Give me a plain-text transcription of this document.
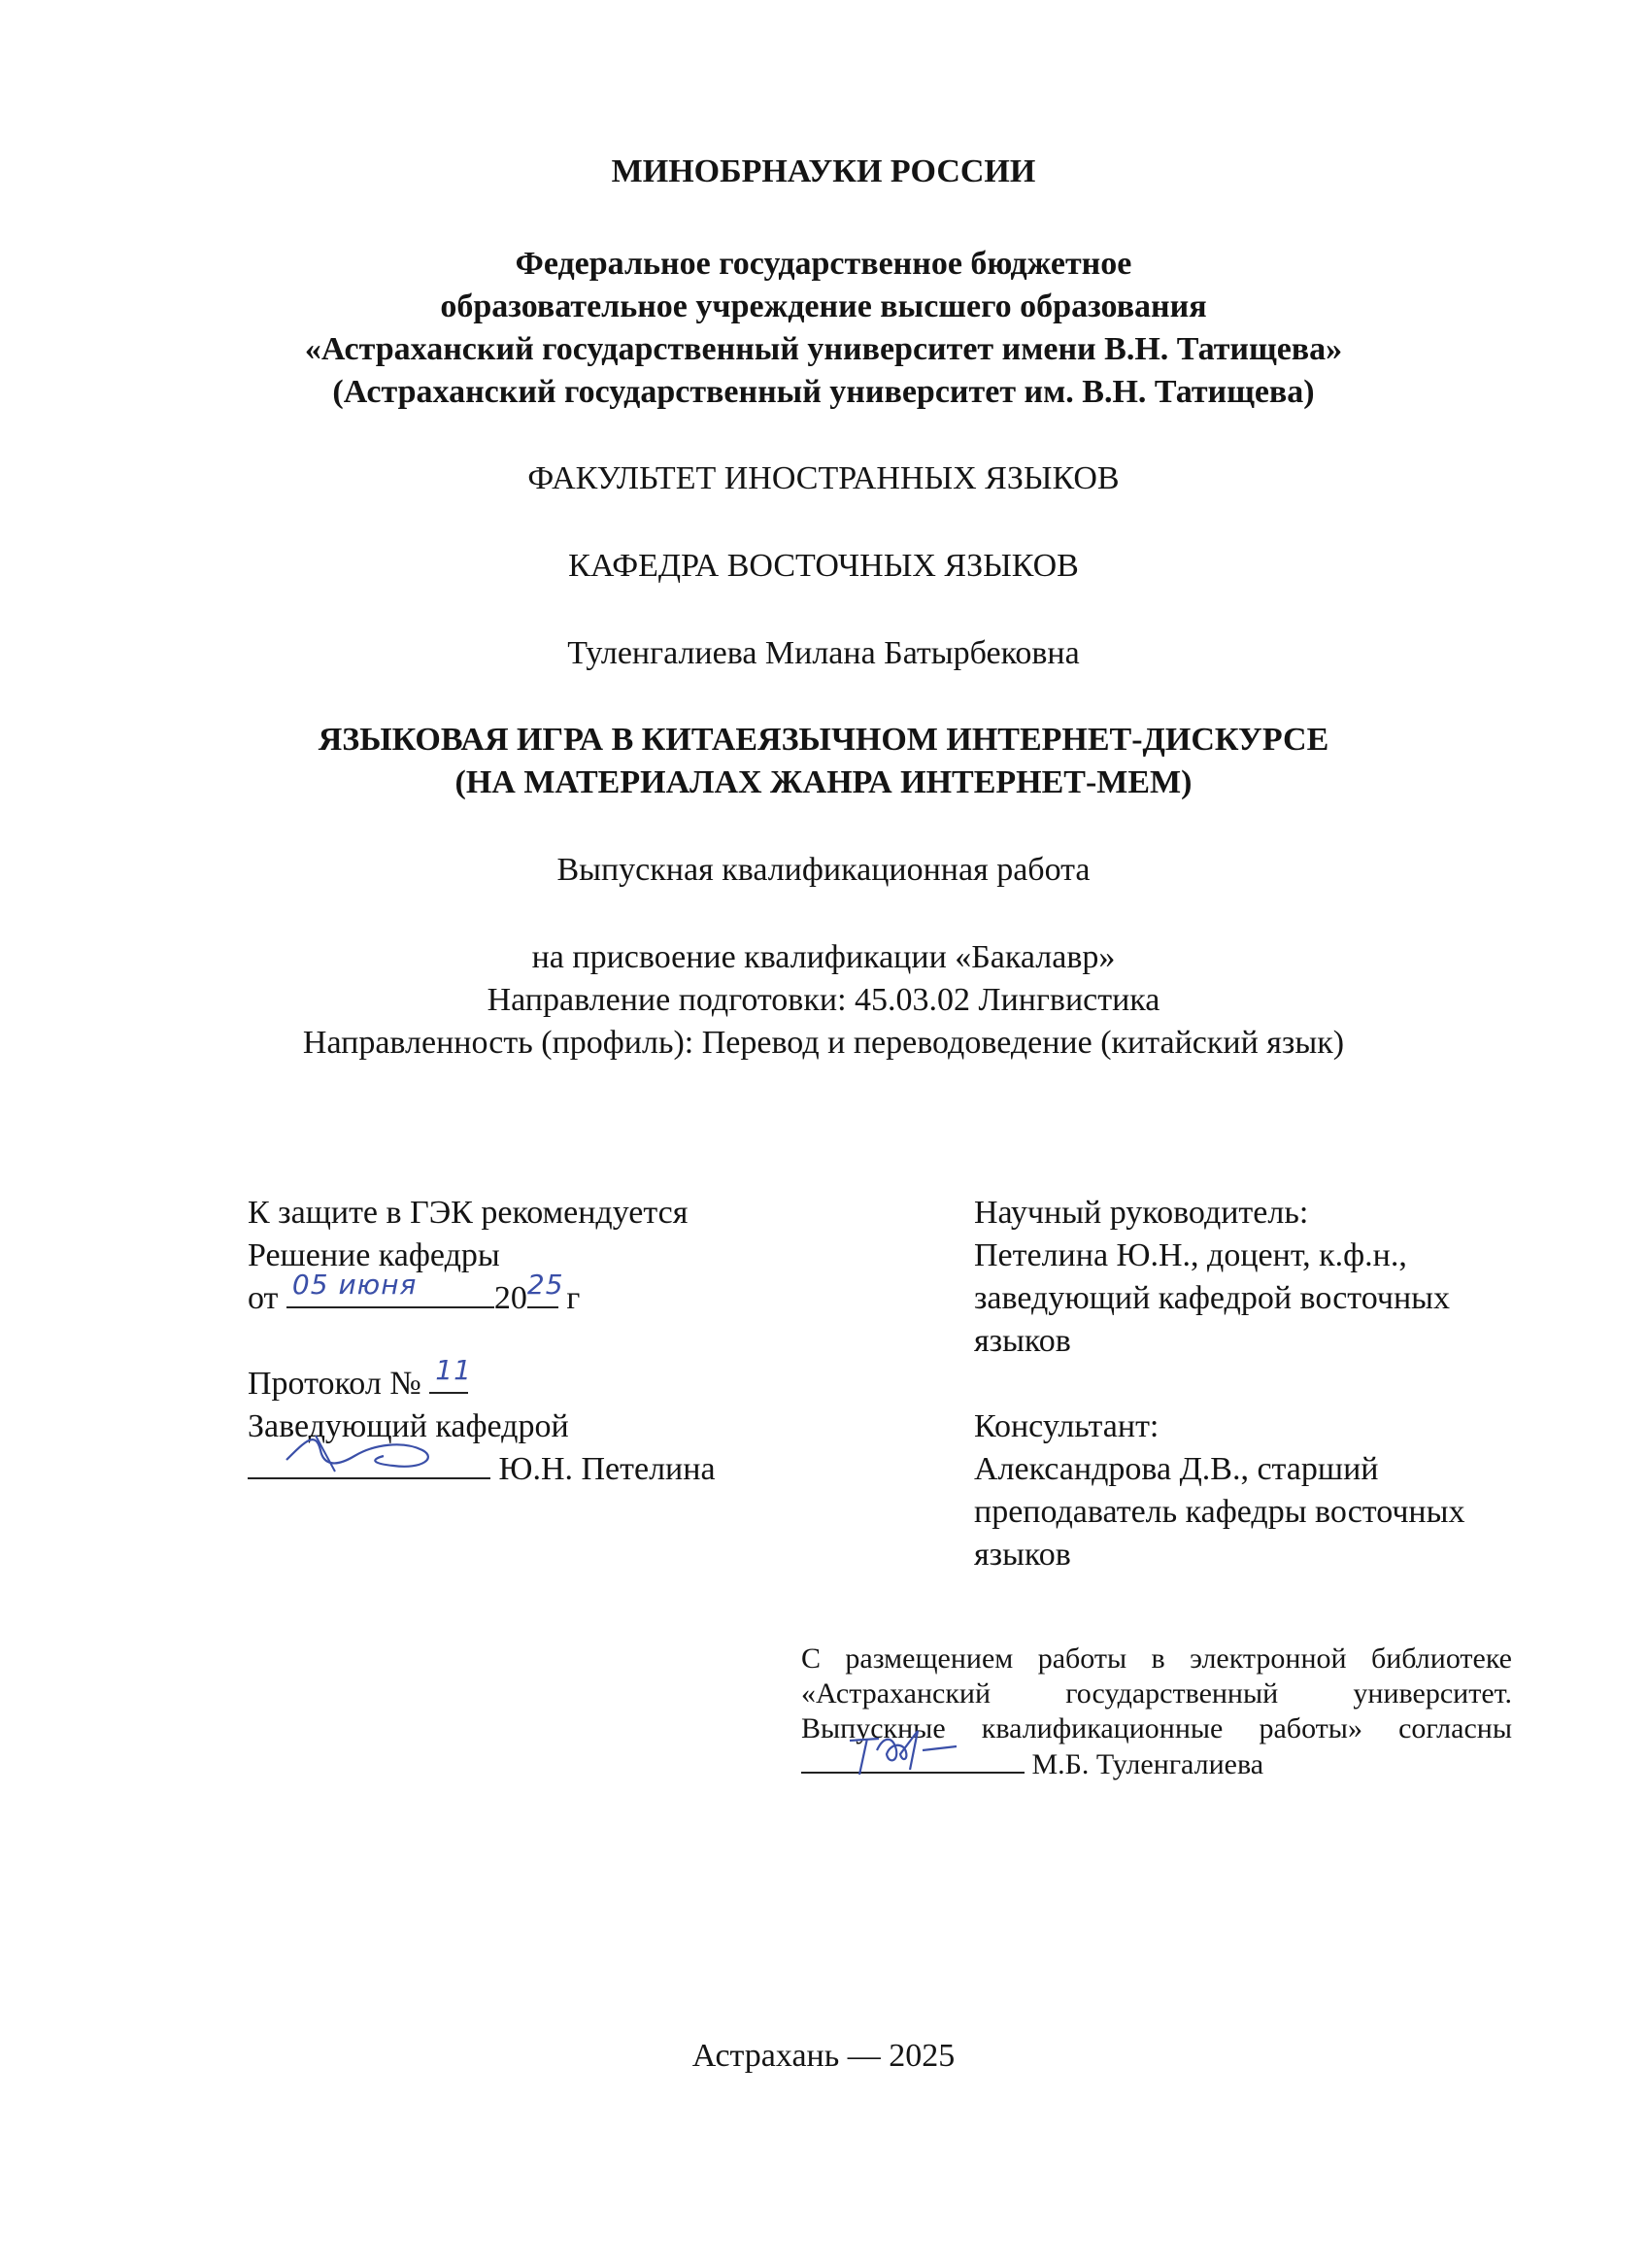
МИНОБРНАУКИ РОССИИ
Федеральное государственное бюджетное
образовательное учреждение высшего образования
«Астраханский государственный университет имени В.Н. Татищева»
(Астраханский государственный университет им. В.Н. Татищева)
ФАКУЛЬТЕТ ИНОСТРАННЫХ ЯЗЫКОВ
КАФЕДРА ВОСТОЧНЫХ ЯЗЫКОВ
Туленгалиева Милана Батырбековна
ЯЗЫКОВАЯ ИГРА В КИТАЕЯЗЫЧНОМ ИНТЕРНЕТ-ДИСКУРСЕ
(НА МАТЕРИАЛАХ ЖАНРА ИНТЕРНЕТ-МЕМ)
Выпускная квалификационная работа
на присвоение квалификации «Бакалавр»
Направление подготовки: 45.03.02 Лингвистика
Направленность (профиль): Перевод и переводоведение (китайский язык)
К защите в ГЭК рекомендуется
Решение кафедры
от 05 июня 20 25 г
Протокол № 11
Заведующий кафедрой
Ю.Н. Петелина
Научный руководитель:
Петелина Ю.Н., доцент, к.ф.н.,
заведующий кафедрой восточных
языков
Консультант:
Александрова Д.В., старший
преподаватель кафедры восточных
языков
С размещением работы в электронной библиотеке
«Астраханский государственный университет.
Выпускные квалификационные работы» согласны
М.Б. Туленгалиева
Астрахань — 2025
